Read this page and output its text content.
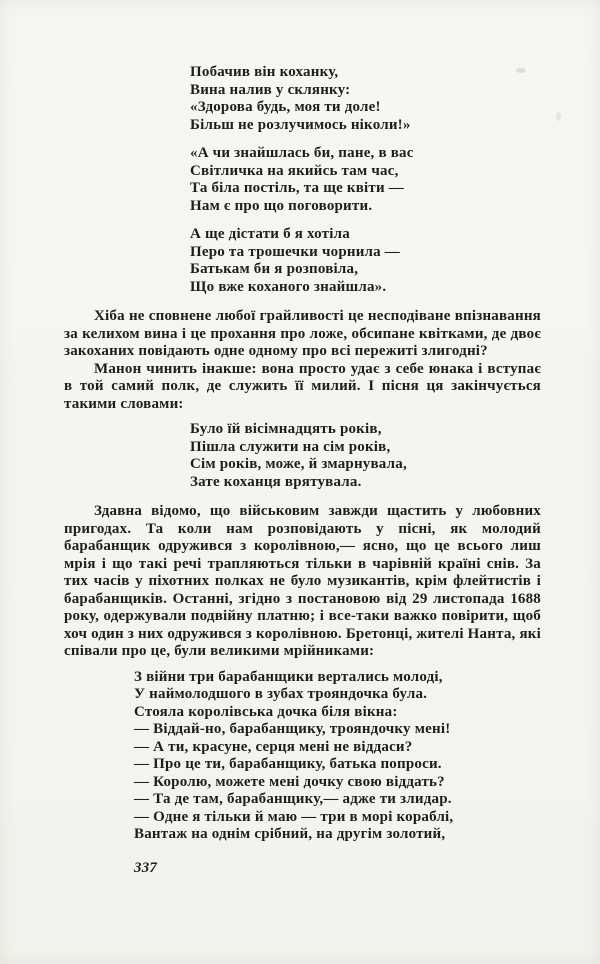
Побачив він коханку,
Вина налив у склянку:
«Здорова будь, моя ти доле!
Більш не розлучимось ніколи!»
«А чи знайшлась би, пане, в вас
Світличка на якийсь там час,
Та біла постіль, та ще квіти —
Нам є про що поговорити.
А ще дістати б я хотіла
Перо та трошечки чорнила —
Батькам би я розповіла,
Що вже коханого знайшла».

Хіба не сповнене любої грайливості це несподіване впізнавання за келихом вина і це прохання про ложе, обсипане квітками, де двоє закоханих повідають одне одному про всі пережиті злигодні?

Манон чинить інакше: вона просто удає з себе юнака і вступає в той самий полк, де служить її милий. І пісня ця закінчується такими словами:

Було їй вісімнадцять років,
Пішла служити на сім років,
Сім років, може, й змарнувала,
Зате коханця врятувала.

Здавна відомо, що військовим завжди щастить у любовних пригодах. Та коли нам розповідають у пісні, як молодий барабанщик одружився з королівною,— ясно, що це всього лиш мрія і що такі речі трапляються тільки в чарівній країні снів. За тих часів у піхотних полках не було музикантів, крім флейтистів і барабанщиків. Останні, згідно з постановою від 29 листопада 1688 року, одержували подвійну платню; і все-таки важко повірити, щоб хоч один з них одружився з королівною. Бретонці, жителі Нанта, які співали про це, були великими мрійниками:

З війни три барабанщики вертались молоді,
У наймолодшого в зубах трояндочка була.
Стояла королівська дочка біля вікна:
— Віддай-но, барабанщику, трояндочку мені!
— А ти, красуне, серця мені не віддаси?
— Про це ти, барабанщику, батька попроси.
— Королю, можете мені дочку свою віддать?
— Та де там, барабанщику,— адже ти злидар.
— Одне я тільки й маю — три в морі кораблі,
Вантаж на однім срібний, на другім золотий,
337
